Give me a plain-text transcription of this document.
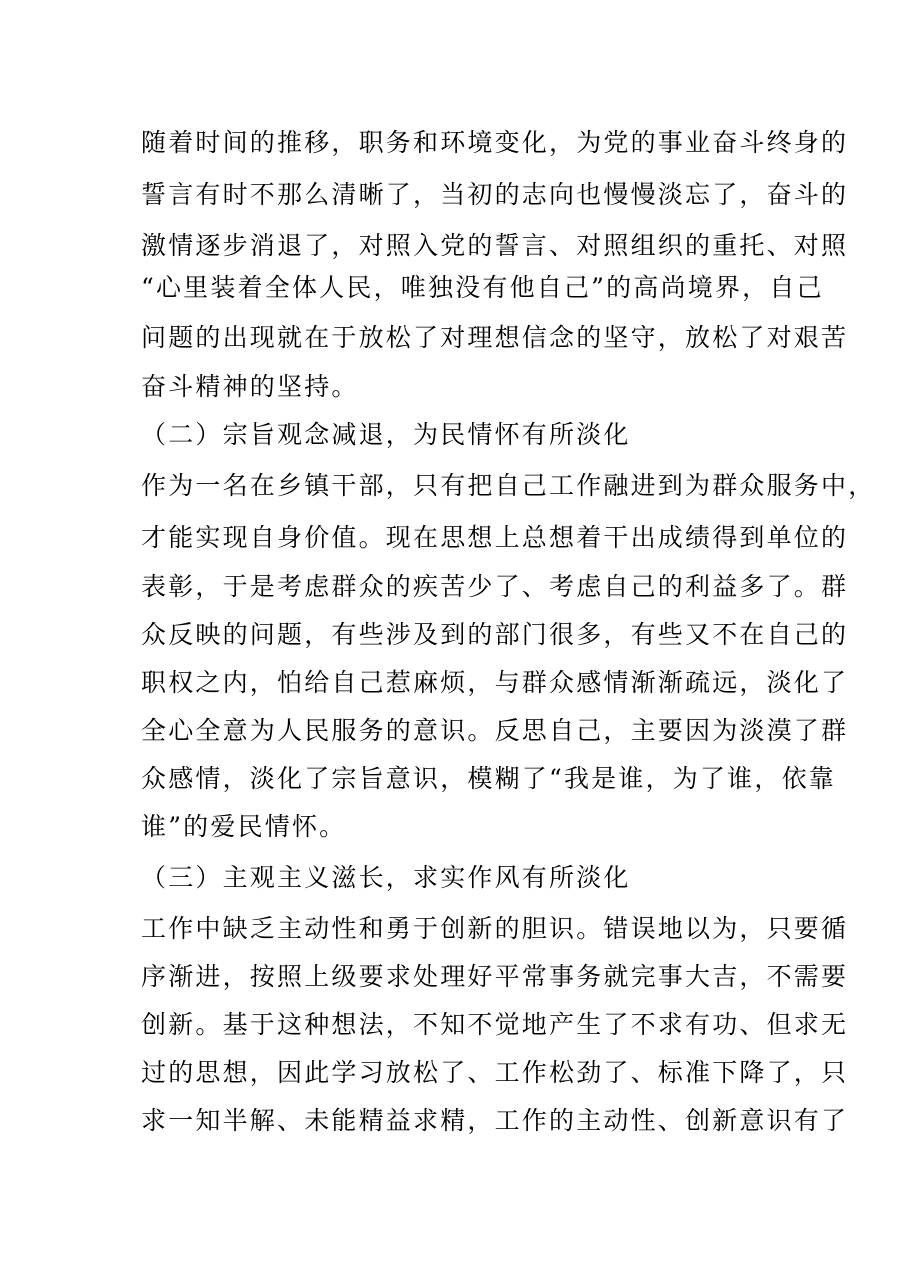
随着时间的推移，职务和环境变化，为党的事业奋斗终身的
誓言有时不那么清晰了，当初的志向也慢慢淡忘了，奋斗的
激情逐步消退了，对照入党的誓言、对照组织的重托、对照
“心里装着全体人民，唯独没有他自己”的高尚境界，自己
问题的出现就在于放松了对理想信念的坚守，放松了对艰苦
奋斗精神的坚持。
（二）宗旨观念减退，为民情怀有所淡化
作为一名在乡镇干部，只有把自己工作融进到为群众服务中，
才能实现自身价值。现在思想上总想着干出成绩得到单位的
表彰，于是考虑群众的疾苦少了、考虑自己的利益多了。群
众反映的问题，有些涉及到的部门很多，有些又不在自己的
职权之内，怕给自己惹麻烦，与群众感情渐渐疏远，淡化了
全心全意为人民服务的意识。反思自己，主要因为淡漠了群
众感情，淡化了宗旨意识，模糊了“我是谁，为了谁，依靠
谁”的爱民情怀。
（三）主观主义滋长，求实作风有所淡化
工作中缺乏主动性和勇于创新的胆识。错误地以为，只要循
序渐进，按照上级要求处理好平常事务就完事大吉，不需要
创新。基于这种想法，不知不觉地产生了不求有功、但求无
过的思想，因此学习放松了、工作松劲了、标准下降了，只
求一知半解、未能精益求精，工作的主动性、创新意识有了
